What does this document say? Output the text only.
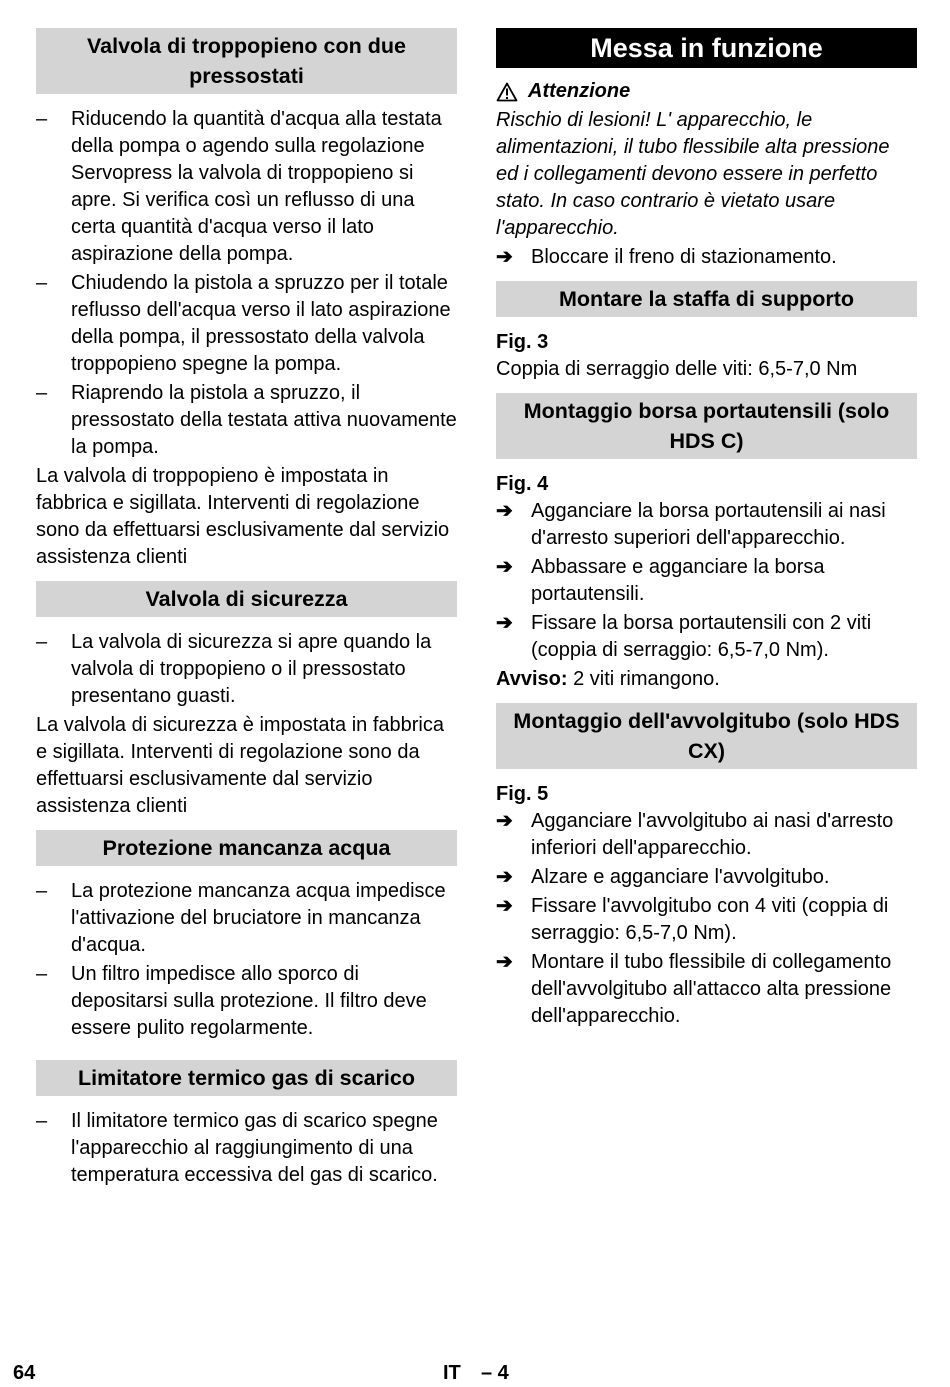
Valvola di troppopieno con due pressostati
– Riducendo la quantità d'acqua alla testata della pompa o agendo sulla regolazione Servopress la valvola di troppopieno si apre. Si verifica così un reflusso di una certa quantità d'acqua verso il lato aspirazione della pompa.
– Chiudendo la pistola a spruzzo per il totale reflusso dell'acqua verso il lato aspirazione della pompa, il pressostato della valvola troppopieno spegne la pompa.
– Riaprendo la pistola a spruzzo, il pressostato della testata attiva nuovamente la pompa.
La valvola di troppopieno è impostata in fabbrica e sigillata. Interventi di regolazione sono da effettuarsi esclusivamente dal servizio assistenza clienti
Valvola di sicurezza
– La valvola di sicurezza si apre quando la valvola di troppopieno o il pressostato presentano guasti.
La valvola di sicurezza è impostata in fabbrica e sigillata. Interventi di regolazione sono da effettuarsi esclusivamente dal servizio assistenza clienti
Protezione mancanza acqua
– La protezione mancanza acqua impedisce l'attivazione del bruciatore in mancanza d'acqua.
– Un filtro impedisce allo sporco di depositarsi sulla protezione. Il filtro deve essere pulito regolarmente.
Limitatore termico gas di scarico
– Il limitatore termico gas di scarico spegne l'apparecchio al raggiungimento di una temperatura eccessiva del gas di scarico.
Messa in funzione
Attenzione
Rischio di lesioni! L' apparecchio, le alimentazioni, il tubo flessibile alta pressione ed i collegamenti devono essere in perfetto stato. In caso contrario è vietato usare l'apparecchio.
➔ Bloccare il freno di stazionamento.
Montare la staffa di supporto
Fig. 3
Coppia di serraggio delle viti: 6,5-7,0 Nm
Montaggio borsa portautensili (solo HDS C)
Fig. 4
➔ Agganciare la borsa portautensili ai nasi d'arresto superiori dell'apparecchio.
➔ Abbassare e agganciare la borsa portautensili.
➔ Fissare la borsa portautensili con 2 viti (coppia di serraggio: 6,5-7,0 Nm).
Avviso: 2 viti rimangono.
Montaggio dell'avvolgitubo (solo HDS CX)
Fig. 5
➔ Agganciare l'avvolgitubo ai nasi d'arresto inferiori dell'apparecchio.
➔ Alzare e agganciare l'avvolgitubo.
➔ Fissare l'avvolgitubo con 4 viti (coppia di serraggio: 6,5-7,0 Nm).
➔ Montare il tubo flessibile di collegamento dell'avvolgitubo all'attacco alta pressione dell'apparecchio.
64	IT – 4
